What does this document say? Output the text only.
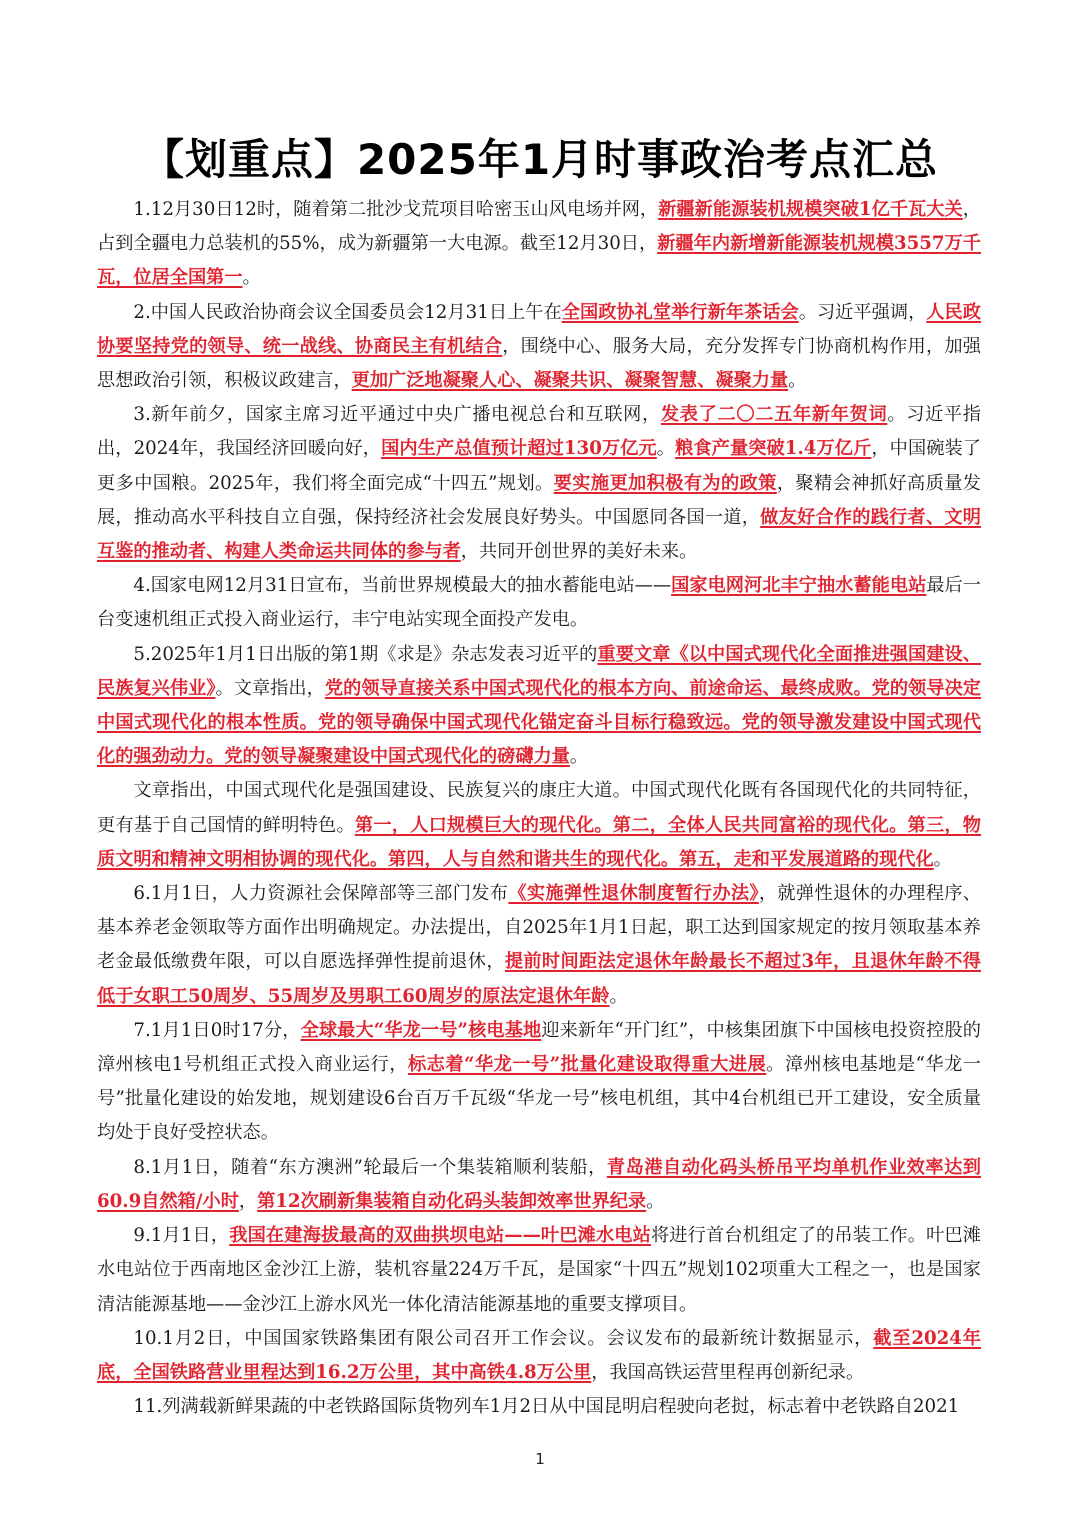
【划重点】2025年1月时事政治考点汇总

1.12月30日12时，随着第二批沙戈荒项目哈密玉山风电场并网，新疆新能源装机规模突破1亿千瓦大关，占到全疆电力总装机的55%，成为新疆第一大电源。截至12月30日，新疆年内新增新能源装机规模3557万千瓦，位居全国第一。

2.中国人民政治协商会议全国委员会12月31日上午在全国政协礼堂举行新年茶话会。习近平强调，人民政协要坚持党的领导、统一战线、协商民主有机结合，围绕中心、服务大局，充分发挥专门协商机构作用，加强思想政治引领，积极议政建言，更加广泛地凝聚人心、凝聚共识、凝聚智慧、凝聚力量。

3.新年前夕，国家主席习近平通过中央广播电视总台和互联网，发表了二〇二五年新年贺词。习近平指出，2024年，我国经济回暖向好，国内生产总值预计超过130万亿元。粮食产量突破1.4万亿斤，中国碗装了更多中国粮。2025年，我们将全面完成“十四五”规划。要实施更加积极有为的政策，聚精会神抓好高质量发展，推动高水平科技自立自强，保持经济社会发展良好势头。中国愿同各国一道，做友好合作的践行者、文明互鉴的推动者、构建人类命运共同体的参与者，共同开创世界的美好未来。

4.国家电网12月31日宣布，当前世界规模最大的抽水蓄能电站——国家电网河北丰宁抽水蓄能电站最后一台变速机组正式投入商业运行，丰宁电站实现全面投产发电。

5.2025年1月1日出版的第1期《求是》杂志发表习近平的重要文章《以中国式现代化全面推进强国建设、民族复兴伟业》。文章指出，党的领导直接关系中国式现代化的根本方向、前途命运、最终成败。党的领导决定中国式现代化的根本性质。党的领导确保中国式现代化锚定奋斗目标行稳致远。党的领导激发建设中国式现代化的强劲动力。党的领导凝聚建设中国式现代化的磅礴力量。

文章指出，中国式现代化是强国建设、民族复兴的康庄大道。中国式现代化既有各国现代化的共同特征，更有基于自己国情的鲜明特色。第一，人口规模巨大的现代化。第二，全体人民共同富裕的现代化。第三，物质文明和精神文明相协调的现代化。第四，人与自然和谐共生的现代化。第五，走和平发展道路的现代化。

6.1月1日，人力资源社会保障部等三部门发布《实施弹性退休制度暂行办法》，就弹性退休的办理程序、基本养老金领取等方面作出明确规定。办法提出，自2025年1月1日起，职工达到国家规定的按月领取基本养老金最低缴费年限，可以自愿选择弹性提前退休，提前时间距法定退休年龄最长不超过3年，且退休年龄不得低于女职工50周岁、55周岁及男职工60周岁的原法定退休年龄。

7.1月1日0时17分，全球最大“华龙一号”核电基地迎来新年“开门红”，中核集团旗下中国核电投资控股的漳州核电1号机组正式投入商业运行，标志着“华龙一号”批量化建设取得重大进展。漳州核电基地是“华龙一号”批量化建设的始发地，规划建设6台百万千瓦级“华龙一号”核电机组，其中4台机组已开工建设，安全质量均处于良好受控状态。

8.1月1日，随着“东方澳洲”轮最后一个集装箱顺利装船，青岛港自动化码头桥吊平均单机作业效率达到60.9自然箱/小时，第12次刷新集装箱自动化码头装卸效率世界纪录。

9.1月1日，我国在建海拔最高的双曲拱坝电站——叶巴滩水电站将进行首台机组定了的吊装工作。叶巴滩水电站位于西南地区金沙江上游，装机容量224万千瓦，是国家“十四五”规划102项重大工程之一，也是国家清洁能源基地——金沙江上游水风光一体化清洁能源基地的重要支撑项目。

10.1月2日，中国国家铁路集团有限公司召开工作会议。会议发布的最新统计数据显示，截至2024年底，全国铁路营业里程达到16.2万公里，其中高铁4.8万公里，我国高铁运营里程再创新纪录。

11.列满载新鲜果蔬的中老铁路国际货物列车1月2日从中国昆明启程驶向老挝，标志着中老铁路自2021

1
